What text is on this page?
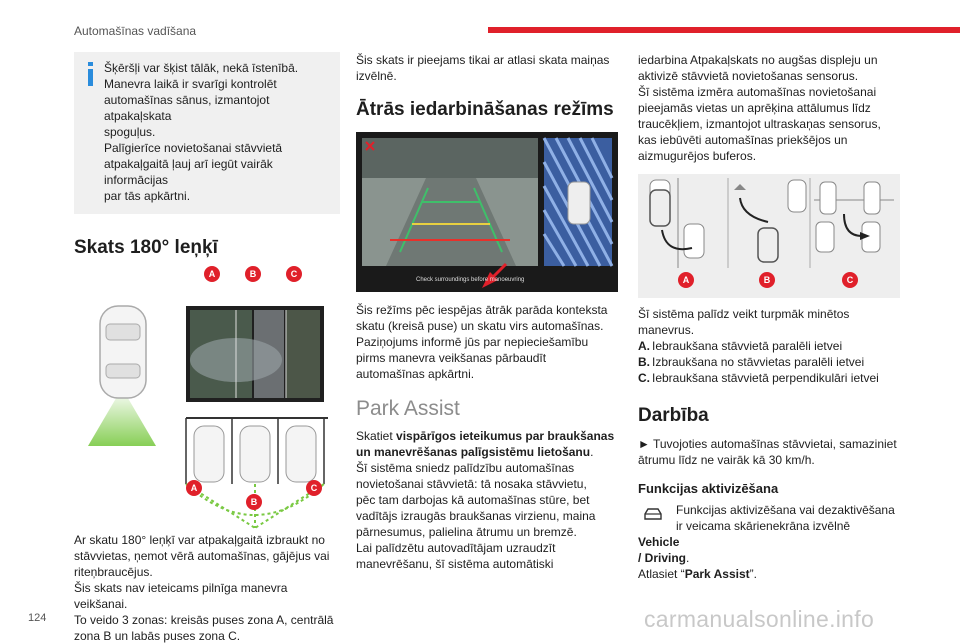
Automašīnas vadīšana

Šķēršļi var šķist tālāk, nekā īstenībā.

Manevra laikā ir svarīgi kontrolēt
automašīnas sānus, izmantojot atpakaļskata
spoguļus.
Palīgierīce novietošanai stāvvietā
atpakaļgaitā ļauj arī iegūt vairāk informācijas
par tās apkārtni.

Skats 180° leņķī
A	B	C
A
B
C

Ar skatu 180° leņķī var atpakaļgaitā izbraukt no
stāvvietas, ņemot vērā automašīnas, gājējus vai
riteņbraucējus.
Šis skats nav ieteicams pilnīga manevra
veikšanai.
To veido 3 zonas: kreisās puses zona A, centrālā
zona B un labās puses zona C.

Šis skats ir pieejams tikai ar atlasi skata maiņas
izvēlnē.

Ātrās iedarbināšanas režīms
Check surroundings before manoeuvring

Šis režīms pēc iespējas ātrāk parāda konteksta
skatu (kreisā puse) un skatu virs automašīnas.
Paziņojums informē jūs par nepieciešamību
pirms manevra veikšanas pārbaudīt
automašīnas apkārtni.

Park Assist

Skatiet vispārīgos ieteikumus par braukšanas
un manevrēšanas palīgsistēmu lietošanu.

Šī sistēma sniedz palīdzību automašīnas
novietošanai stāvvietā: tā nosaka stāvvietu,
pēc tam darbojas kā automašīnas stūre, bet
vadītājs izraugās braukšanas virzienu, maina
pārnesumus, palielina ātrumu un bremzē.
Lai palīdzētu autovadītājam uzraudzīt
manevrēšanu, šī sistēma automātiski

iedarbina Atpakaļskats no augšas displeju un
aktivizē stāvvietā novietošanas sensorus.
Šī sistēma izmēra automašīnas novietošanai
pieejamās vietas un aprēķina attālumus līdz
traucēkļiem, izmantojot ultraskaņas sensorus,
kas iebūvēti automašīnas priekšējos un
aizmugurējos buferos.

A	B	C

Šī sistēma palīdz veikt turpmāk minētos
manevrus.

A. Iebraukšana stāvvietā paralēli ietvei
B. Izbraukšana no stāvvietas paralēli ietvei
C. Iebraukšana stāvvietā perpendikulāri ietvei
Darbība

► Tuvojoties automašīnas stāvvietai, samaziniet
ātrumu līdz ne vairāk kā 30 km/h.

Funkcijas aktivizēšana

Funkcijas aktivizēšana vai dezaktivēšana
ir veicama skārienekrāna izvēlnē

Vehicle
/ Driving.

Atlasiet “Park Assist”.

124	carmanualsonline.info
